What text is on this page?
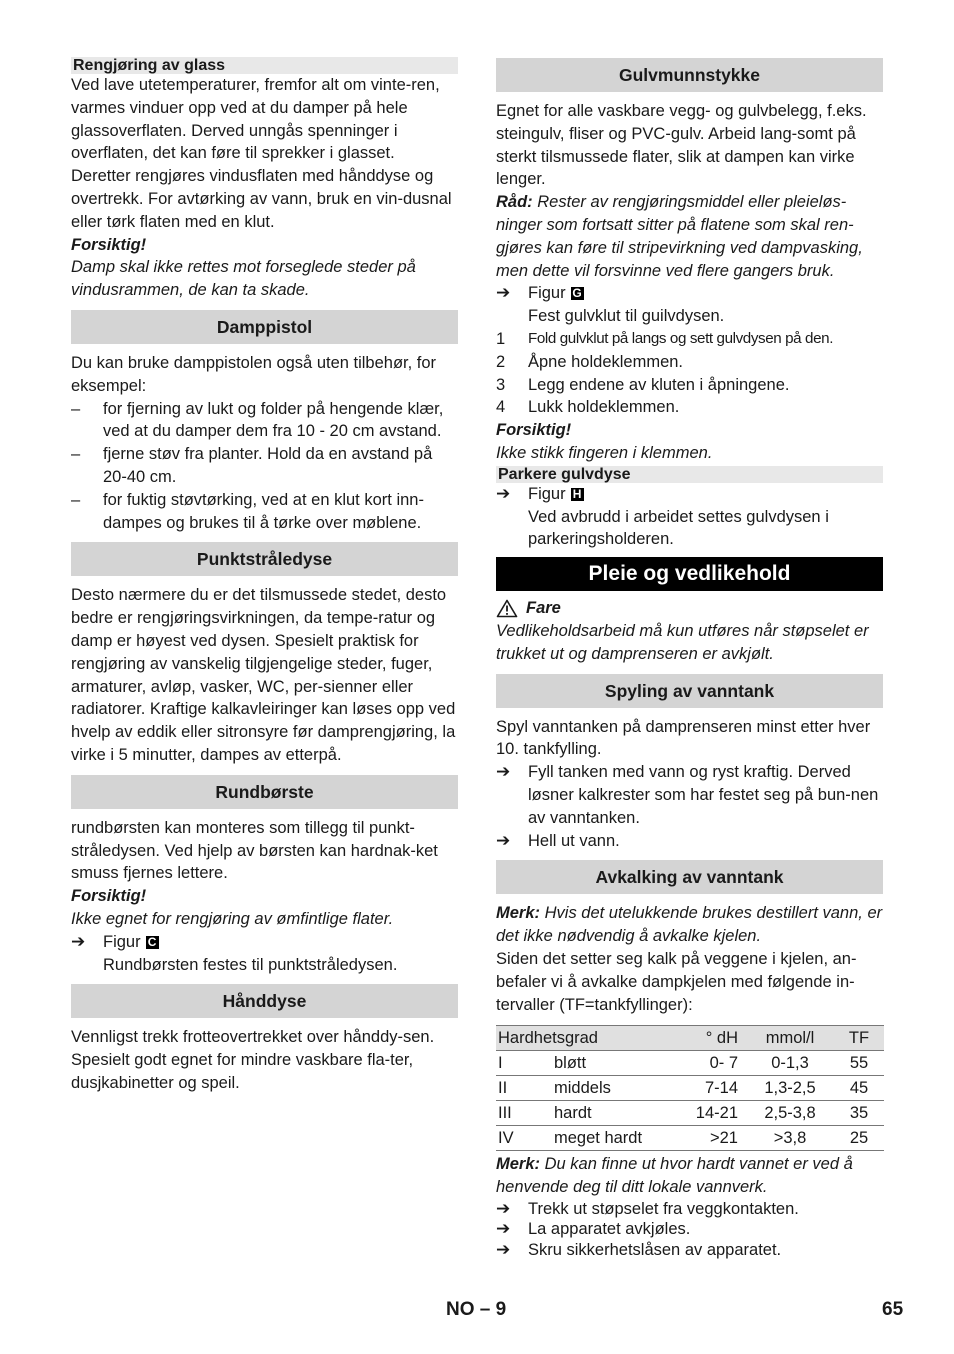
Rengjøring av glass

Ved lave utetemperaturer, fremfor alt om vinte-ren, varmes vinduer opp ved at du damper på hele glassoverflaten. Derved unngås spenninger i overflaten, det kan føre til sprekker i glasset. Deretter rengjøres vindusflaten med hånddyse og overtrekk. For avtørking av vann, bruk en vin-dusnal eller tørk flaten med en klut.

Forsiktig!

Damp skal ikke rettes mot forseglede steder på vindusrammen, de kan ta skade.

Damppistol

Du kan bruke damppistolen også uten tilbehør, for eksempel:

–	for fjerning av lukt og folder på hengende klær, ved at du damper dem fra 10 - 20 cm avstand.
–	fjerne støv fra planter. Hold da en avstand på 20-40 cm.
–	for fuktig støvtørking, ved at en klut kort inn-dampes og brukes til å tørke over møblene.
Punktstråledyse

Desto nærmere du er det tilsmussede stedet, desto bedre er rengjøringsvirkningen, da tempe-ratur og damp er høyest ved dysen. Spesielt praktisk for rengjøring av vanskelig tilgjengelige steder, fuger, armaturer, avløp, vasker, WC, per-sienner eller radiatorer. Kraftige kalkavleiringer kan løses opp ved hvelp av eddik eller sitronsyre før damprengjøring, la virke i 5 minutter, dampes av etterpå.

Rundbørste

rundbørsten kan monteres som tillegg til punkt-stråledysen. Ved hjelp av børsten kan hardnak-ket smuss fjernes lettere.

Forsiktig!

Ikke egnet for rengjøring av ømfintlige flater.

➔	Figur C

Rundbørsten festes til punktstråledysen.

Hånddyse

Vennligst trekk frotteovertrekket over hånddy-sen. Spesielt godt egnet for mindre vaskbare fla-ter, dusjkabinetter og speil.

Gulvmunnstykke

Egnet for alle vaskbare vegg- og gulvbelegg, f.eks. steingulv, fliser og PVC-gulv. Arbeid lang-somt på sterkt tilsmussede flater, slik at dampen kan virke lenger.

Råd: Rester av rengjøringsmiddel eller pleieløs-ninger som fortsatt sitter på flatene som skal ren-gjøres kan føre til stripevirkning ved dampvasking, men dette vil forsvinne ved flere gangers bruk.

➔	Figur G

Fest gulvklut til guilvdysen.

1	Fold gulvklut på langs og sett gulvdysen på den.
2	Åpne holdeklemmen.
3	Legg endene av kluten i åpningene.
4	Lukk holdeklemmen.

Forsiktig!

Ikke stikk fingeren i klemmen.

Parkere gulvdyse
➔	Figur H

Ved avbrudd i arbeidet settes gulvdysen i parkeringsholderen.

Pleie og vedlikehold
Fare

Vedlikeholdsarbeid må kun utføres når støpselet er trukket ut og damprenseren er avkjølt.

Spyling av vanntank

Spyl vanntanken på damprenseren minst etter hver 10. tankfylling.

➔	Fyll tanken med vann og ryst kraftig. Derved løsner kalkrester som har festet seg på bun-nen av vanntanken.
➔	Hell ut vann.
Avkalking av vanntank

Merk: Hvis det utelukkende brukes destillert vann, er det ikke nødvendig å avkalke kjelen.

Siden det setter seg kalk på veggene i kjelen, an-befaler vi å avkalke dampkjelen med følgende in-tervaller (TF=tankfyllinger):

Hardhetsgrad		° dH	mmol/l	TF
I	bløtt	0- 7	0-1,3	55
II	middels	7-14	1,3-2,5	45
III	hardt	14-21	2,5-3,8	35
IV	meget hardt	>21	>3,8	25

Merk: Du kan finne ut hvor hardt vannet er ved å henvende deg til ditt lokale vannverk.

➔	Trekk ut støpselet fra veggkontakten.
➔	La apparatet avkjøles.
➔	Skru sikkerhetslåsen av apparatet.
NO – 9	65
